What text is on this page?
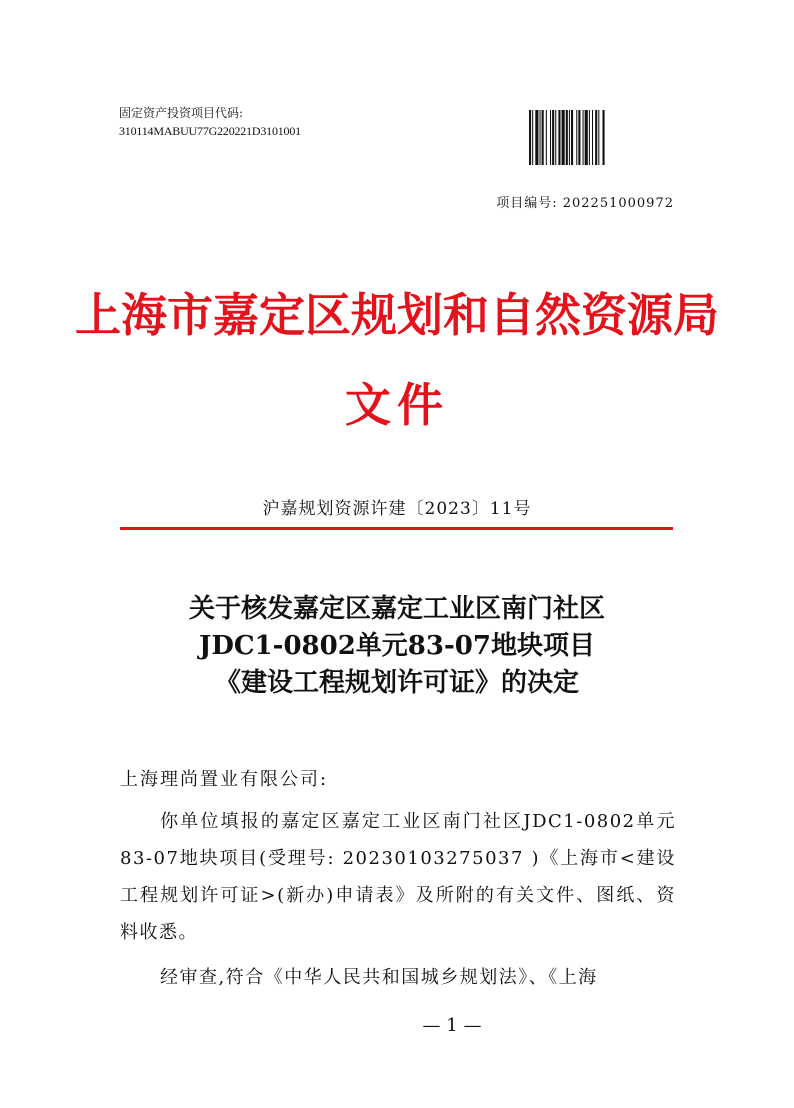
固定资产投资项目代码:
310114MABUU77G220221D3101001
项目编号: 202251000972
上海市嘉定区规划和自然资源局
文件
沪嘉规划资源许建〔2023〕11号
关于核发嘉定区嘉定工业区南门社区
JDC1-0802单元83-07地块项目
《建设工程规划许可证》的决定
上海理尚置业有限公司:
你单位填报的嘉定区嘉定工业区南门社区JDC1-0802单元83-07地块项目(受理号: 20230103275037 )《上海市<建设工程规划许可证>(新办)申请表》及所附的有关文件、图纸、资料收悉。
经审查,符合《中华人民共和国城乡规划法》、《上海
— 1 —
